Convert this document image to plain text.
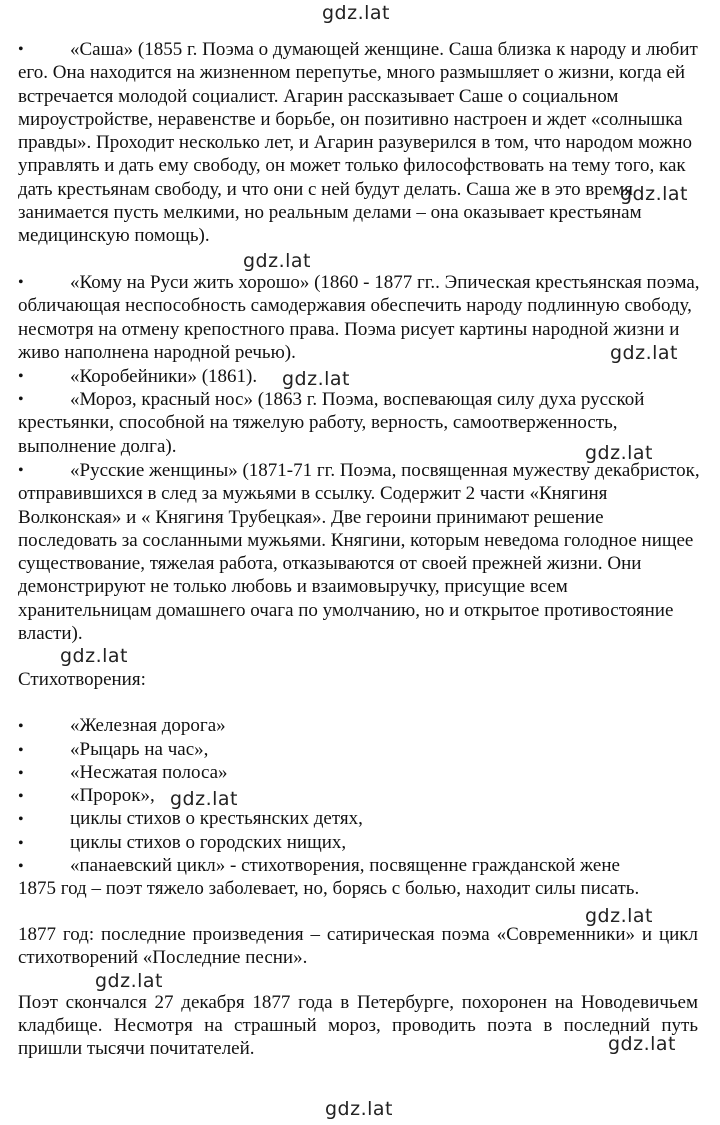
gdz.lat
gdz.lat
gdz.lat
gdz.lat
gdz.lat
gdz.lat
gdz.lat
gdz.lat
gdz.lat
gdz.lat
gdz.lat
gdz.lat
•	«Саша» (1855 г. Поэма о думающей женщине. Саша близка к народу и любит его. Она находится на жизненном перепутье, много размышляет о жизни, когда ей встречается молодой социалист. Агарин рассказывает Саше о социальном мироустройстве, неравенстве и борьбе, он позитивно настроен и ждет «солнышка правды». Проходит несколько лет, и Агарин разуверился в том, что народом можно управлять и дать ему свободу, он может только философствовать на тему того, как дать крестьянам свободу, и что они с ней будут делать. Саша же в это время занимается пусть мелкими, но реальным делами – она оказывает крестьянам медицинскую помощь).
•	«Кому на Руси жить хорошо» (1860 - 1877 гг.. Эпическая крестьянская поэма, обличающая неспособность самодержавия обеспечить народу подлинную свободу, несмотря на отмену крепостного права. Поэма рисует картины народной жизни и живо наполнена народной речью).
•	«Коробейники» (1861).
•	«Мороз, красный нос» (1863 г. Поэма, воспевающая силу духа русской крестьянки, способной на тяжелую работу, верность, самоотверженность, выполнение долга).
•	«Русские женщины» (1871-71 гг. Поэма, посвященная мужеству декабристок, отправившихся в след за мужьями в ссылку. Содержит 2 части «Княгиня Волконская» и « Княгиня Трубецкая». Две героини принимают решение последовать за сосланными мужьями. Княгини, которым неведома голодное нищее существование, тяжелая работа, отказываются от своей прежней жизни. Они демонстрируют не только любовь и взаимовыручку, присущие всем хранительницам домашнего очага по умолчанию, но и открытое противостояние власти).
Стихотворения:
• «Железная дорога»
• «Рыцарь на час»,
• «Несжатая полоса»
• «Пророк»,
• циклы стихов о крестьянских детях,
• циклы стихов о городских нищих,
• «панаевский цикл» - стихотворения, посвященне гражданской жене
1875 год – поэт тяжело заболевает, но, борясь с болью, находит силы писать.
1877 год: последние произведения – сатирическая поэма «Современники» и цикл стихотворений «Последние песни».
Поэт скончался 27 декабря 1877 года в Петербурге, похоронен на Новодевичьем кладбище. Несмотря на страшный мороз, проводить поэта в последний путь пришли тысячи почитателей.
